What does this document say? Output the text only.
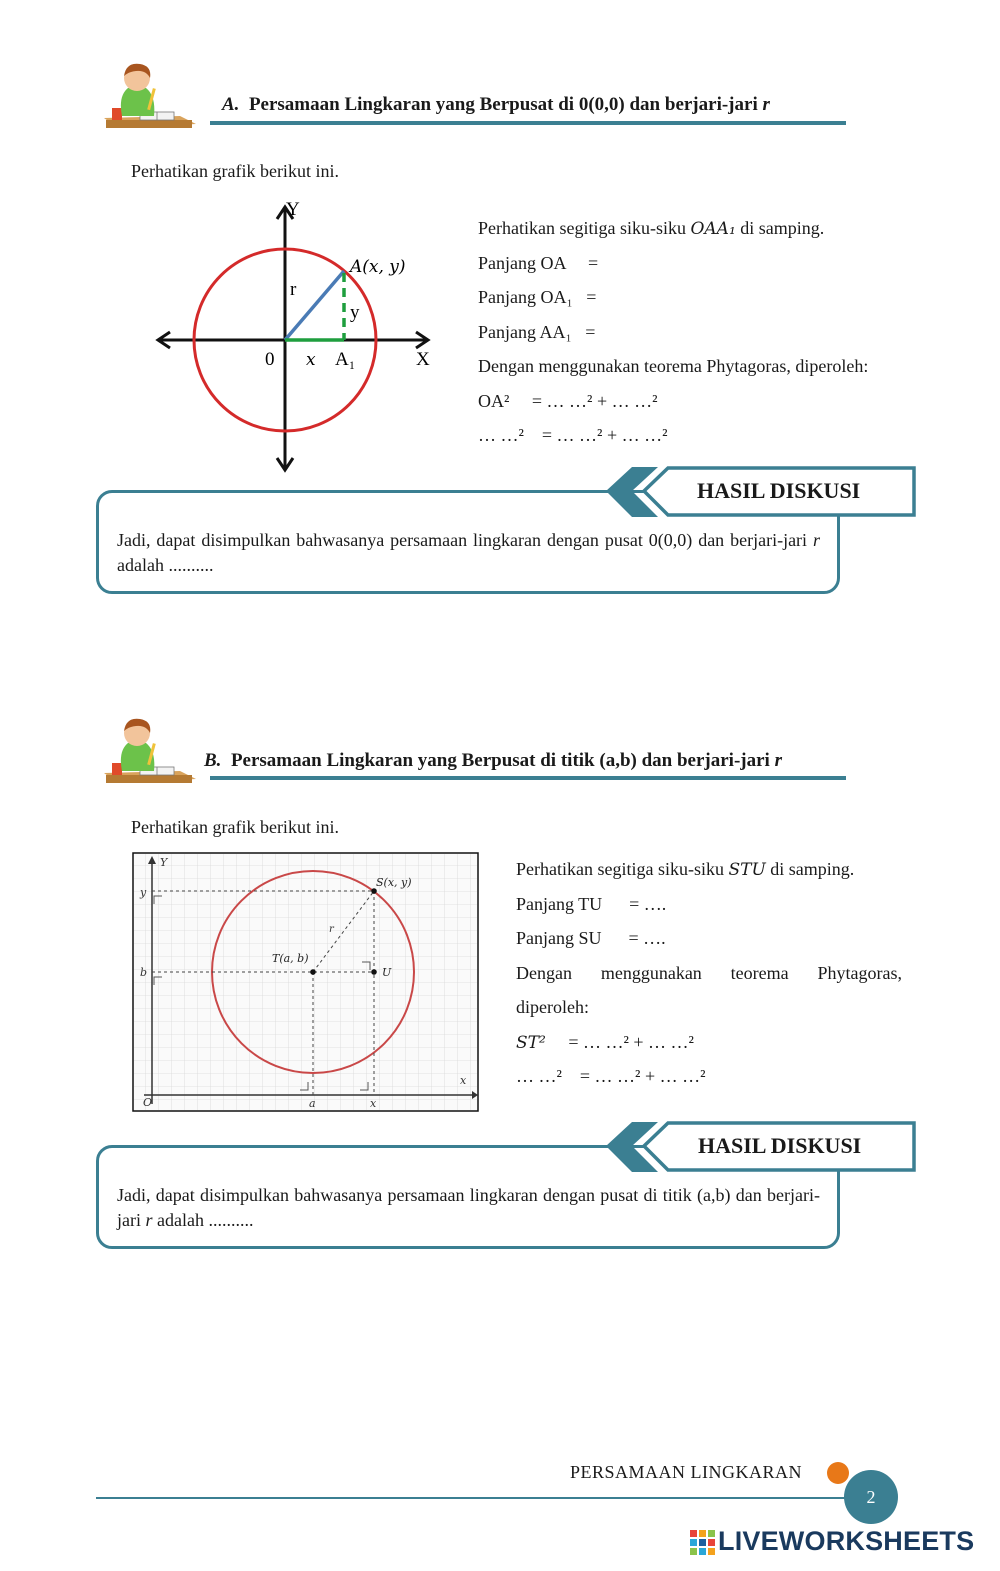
A. Persamaan Lingkaran yang Berpusat di 0(0,0) dan berjari-jari r
Perhatikan grafik berikut ini.
Y
X
0
A(x, y)
r
y
x A₁
Perhatikan segitiga siku-siku OAA₁ di samping.
Panjang OA     =
Panjang OA₁   =
Panjang AA₁   =
Dengan menggunakan teorema Phytagoras, diperoleh:
OA²     = … …² + … …²
… …²    = … …² + … …²
Jadi, dapat disimpulkan bahwasanya persamaan lingkaran dengan pusat 0(0,0) dan berjari-jari r adalah ..........
HASIL DISKUSI
B. Persamaan Lingkaran yang Berpusat di titik (a,b) dan berjari-jari r
Perhatikan grafik berikut ini.
Y
x
O
S(x, y)
T(a, b)
U
r
y
b
a	x
Perhatikan segitiga siku-siku STU di samping.
Panjang TU      = ….
Panjang SU      = ….
Dengan menggunakan teorema Phytagoras,
diperoleh:
ST²     = … …² + … …²
… …²    = … …² + … …²
Jadi, dapat disimpulkan bahwasanya persamaan lingkaran dengan pusat di titik (a,b) dan berjari-jari r adalah ..........
HASIL DISKUSI
PERSAMAAN LINGKARAN
2
LIVEWORKSHEETS
